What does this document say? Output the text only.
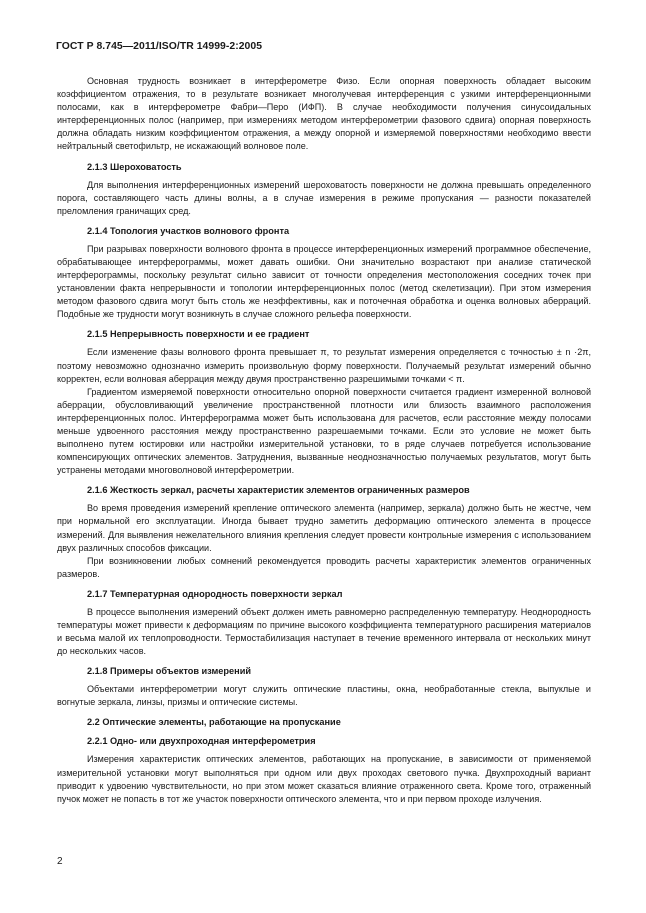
ГОСТ Р 8.745—2011/ISO/TR 14999-2:2005

Основная трудность возникает в интерферометре Физо. Если опорная поверхность обладает высоким коэффициентом отражения, то в результате возникает многолучевая интерференция с узкими интерференционными полосами, как в интерферометре Фабри—Перо (ИФП). В случае необходимости получения синусоидальных интерференционных полос (например, при измерениях методом интерферометрии фазового сдвига) опорная поверхность должна обладать низким коэффициентом отражения, а между опорной и измеряемой поверхностями необходимо ввести нейтральный светофильтр, не искажающий волновое поле.

2.1.3 Шероховатость

Для выполнения интерференционных измерений шероховатость поверхности не должна превышать определенного порога, составляющего часть длины волны, а в случае измерения в режиме пропускания — разности показателей преломления граничащих сред.

2.1.4 Топология участков волнового фронта

При разрывах поверхности волнового фронта в процессе интерференционных измерений программное обеспечение, обрабатывающее интерферограммы, может давать ошибки. Они значительно возрастают при анализе статической интерферограммы, поскольку результат сильно зависит от точности определения местоположения соседних точек при установлении факта непрерывности и топологии интерференционных полос (метод скелетизации). При этом измерения методом фазового сдвига могут быть столь же неэффективны, как и поточечная обработка и оценка волновых аберраций. Подобные же трудности могут возникнуть в случае сложного рельефа поверхности.

2.1.5 Непрерывность поверхности и ее градиент

Если изменение фазы волнового фронта превышает π, то результат измерения определяется с точностью ± n ·2π, поэтому невозможно однозначно измерить произвольную форму поверхности. Получаемый результат измерений обычно корректен, если волновая аберрация между двумя пространственно разрешимыми точками < π.

Градиентом измеряемой поверхности относительно опорной поверхности считается градиент измеренной волновой аберрации, обусловливающий увеличение пространственной плотности или близость взаимного расположения интерференционных полос. Интерферограмма может быть использована для расчетов, если расстояние между полосами меньше удвоенного расстояния между пространственно разрешаемыми точками. Если это условие не может быть выполнено путем юстировки или настройки измерительной установки, то в ряде случаев потребуется использование компенсирующих оптических элементов. Затруднения, вызванные неоднозначностью получаемых результатов, могут быть устранены методами многоволновой интерферометрии.

2.1.6 Жесткость зеркал, расчеты характеристик элементов ограниченных размеров

Во время проведения измерений крепление оптического элемента (например, зеркала) должно быть не жестче, чем при нормальной его эксплуатации. Иногда бывает трудно заметить деформацию оптического элемента в процессе измерений. Для выявления нежелательного влияния крепления следует провести контрольные измерения с использованием двух различных способов фиксации.

При возникновении любых сомнений рекомендуется проводить расчеты характеристик элементов ограниченных размеров.

2.1.7 Температурная однородность поверхности зеркал

В процессе выполнения измерений объект должен иметь равномерно распределенную температуру. Неоднородность температуры может привести к деформациям по причине высокого коэффициента температурного расширения материалов и весьма малой их теплопроводности. Термостабилизация наступает в течение временного интервала от нескольких минут до нескольких часов.

2.1.8 Примеры объектов измерений

Объектами интерферометрии могут служить оптические пластины, окна, необработанные стекла, выпуклые и вогнутые зеркала, линзы, призмы и оптические системы.

2.2 Оптические элементы, работающие на пропускание
2.2.1 Одно- или двухпроходная интерферометрия

Измерения характеристик оптических элементов, работающих на пропускание, в зависимости от применяемой измерительной установки могут выполняться при одном или двух проходах светового пучка. Двухпроходный вариант приводит к удвоению чувствительности, но при этом может сказаться влияние отраженного света. Кроме того, отраженный пучок может не попасть в тот же участок поверхности оптического элемента, что и при первом проходе излучения.

2
